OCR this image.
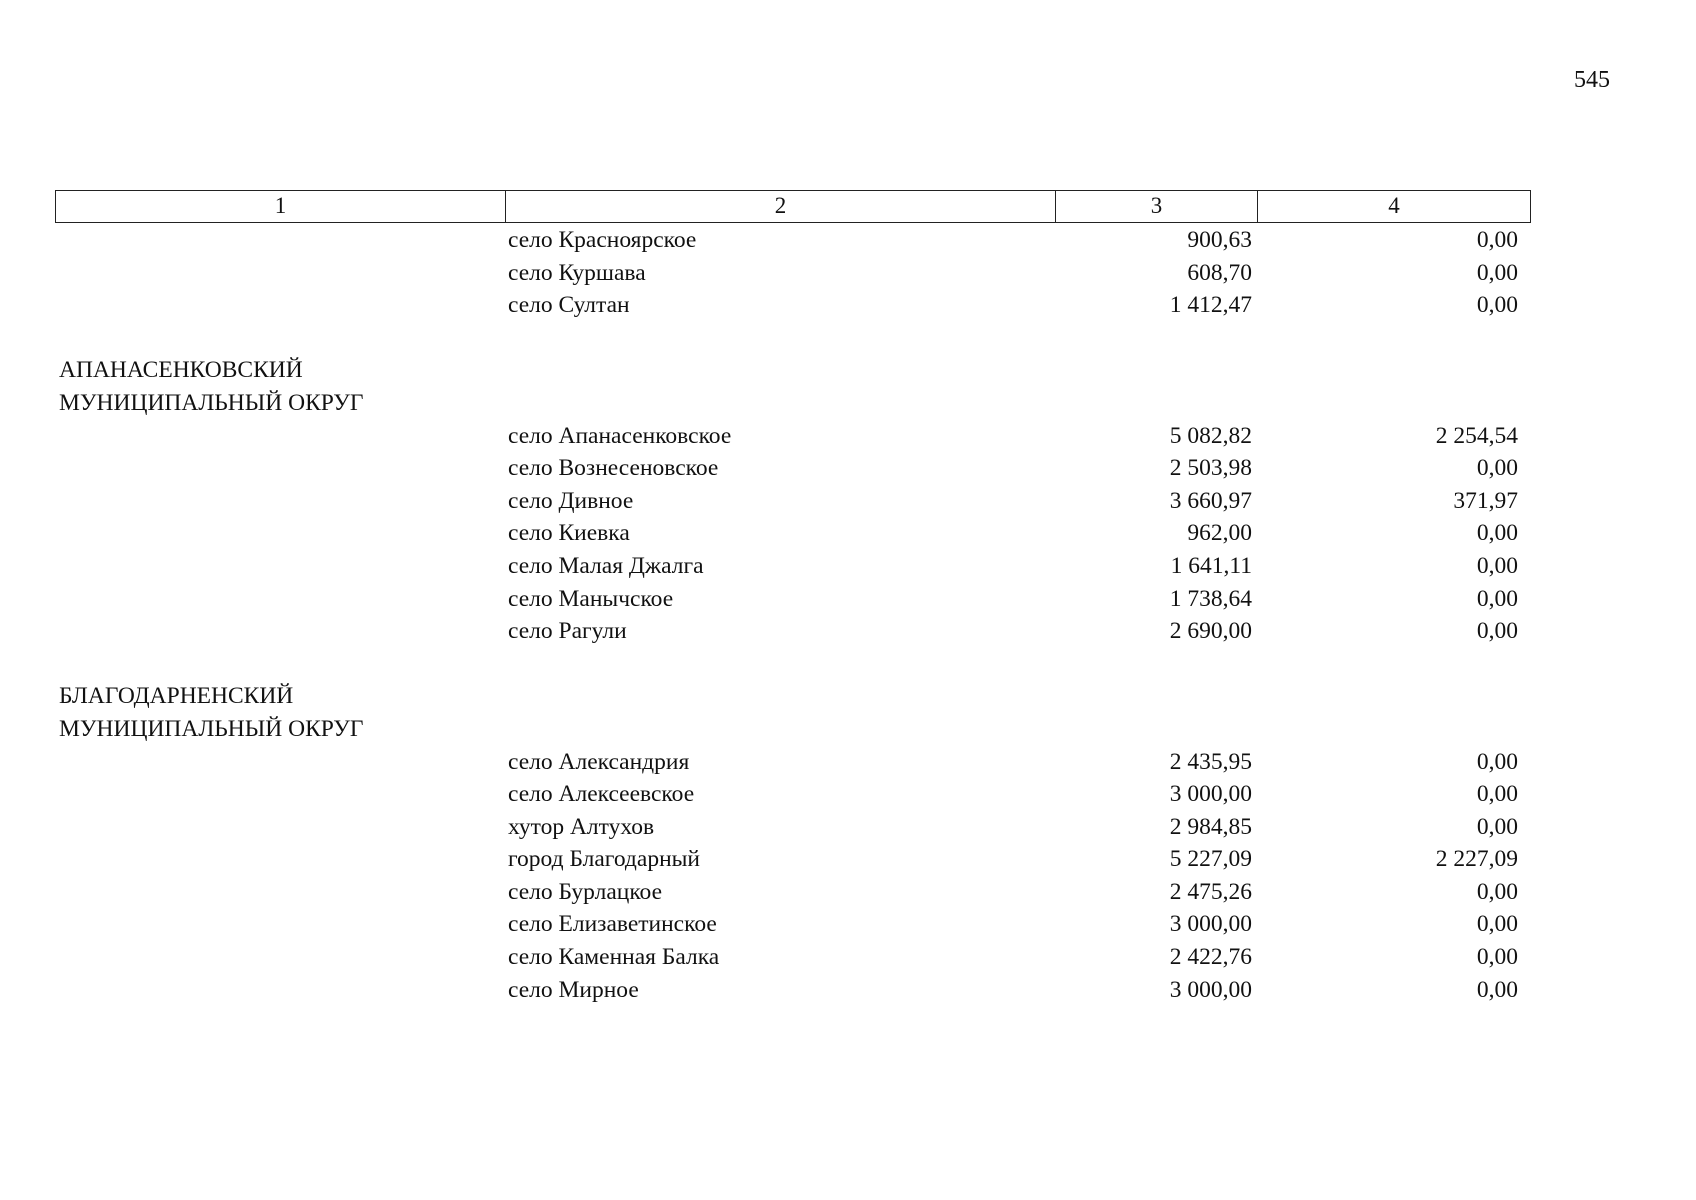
545
1	2	3	4
село Красноярское	900,63	0,00
село Куршава	608,70	0,00
село Султан	1 412,47	0,00
АПАНАСЕНКОВСКИЙ
МУНИЦИПАЛЬНЫЙ ОКРУГ
село Апанасенковское	5 082,82	2 254,54
село Вознесеновское	2 503,98	0,00
село Дивное	3 660,97	371,97
село Киевка	962,00	0,00
село Малая Джалга	1 641,11	0,00
село Манычское	1 738,64	0,00
село Рагули	2 690,00	0,00
БЛАГОДАРНЕНСКИЙ
МУНИЦИПАЛЬНЫЙ ОКРУГ
село Александрия	2 435,95	0,00
село Алексеевское	3 000,00	0,00
хутор Алтухов	2 984,85	0,00
город Благодарный	5 227,09	2 227,09
село Бурлацкое	2 475,26	0,00
село Елизаветинское	3 000,00	0,00
село Каменная Балка	2 422,76	0,00
село Мирное	3 000,00	0,00
